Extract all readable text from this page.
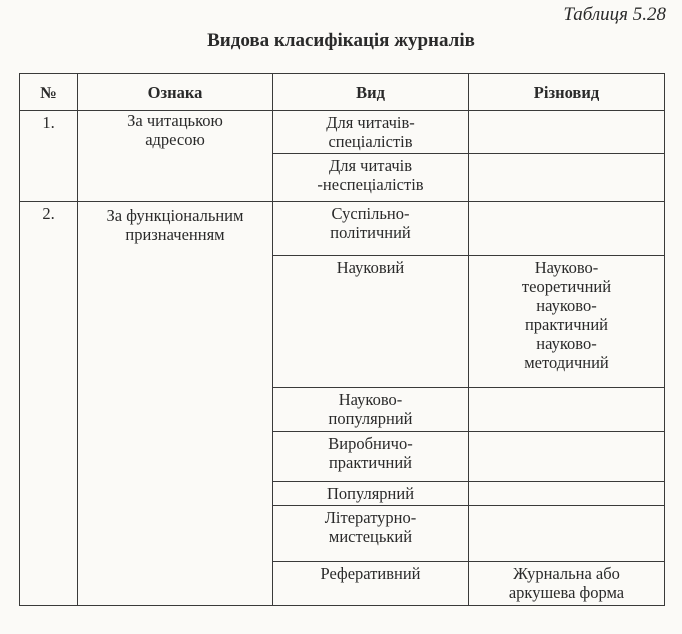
Таблиця 5.28
Видова класифікація журналів
№	Ознака	Вид	Різновид
1.	За читацькою адресою	Для читачів-спеціалістів	
		Для читачів -неспеціалістів	
2.	За функціональним призначенням	Суспільно-політичний	
		Науковий	Науково-теоретичний науково-практичний науково-методичний
		Науково-популярний	
		Виробничо-практичний	
		Популярний	
		Літературно-мистецький	
		Реферативний	Журнальна або аркушева форма
